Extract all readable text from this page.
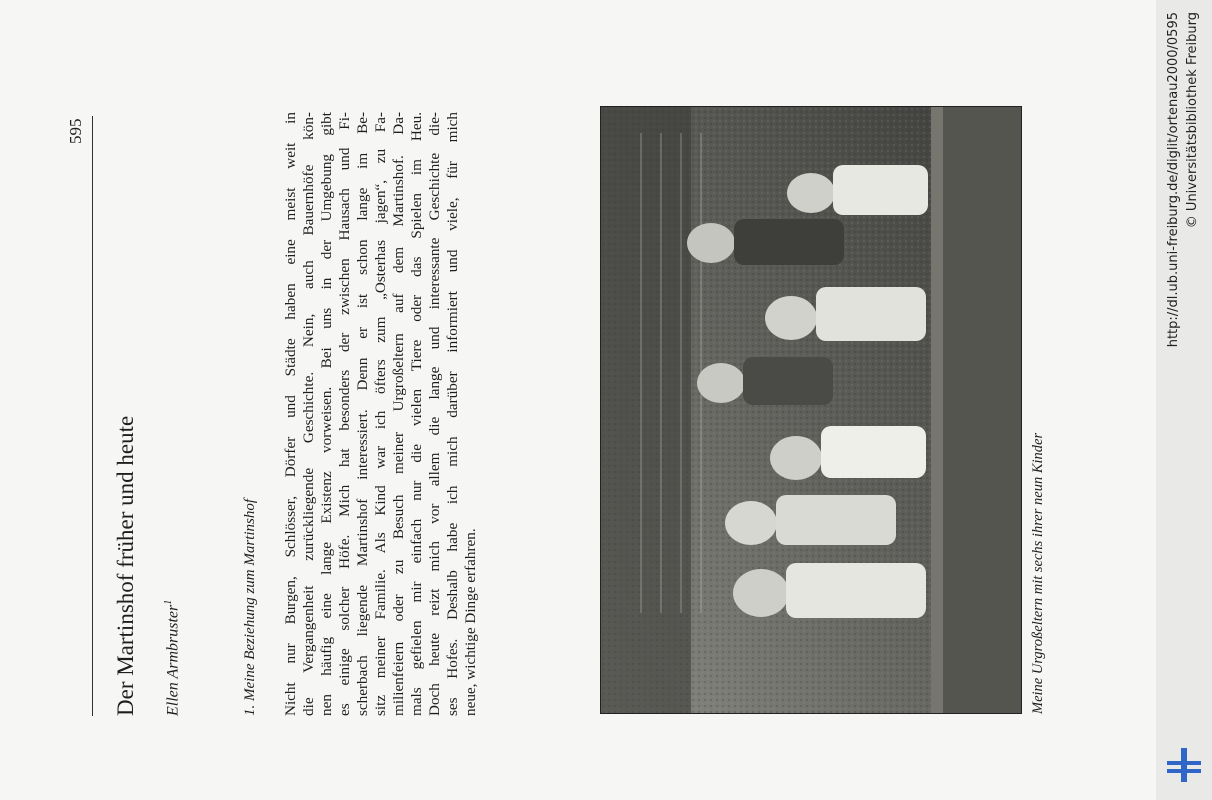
595
Der Martinshof früher und heute Ellen Armbruster$^1$	1. Meine Beziehung zum Martinshof Nicht nur Burgen, Schlösser, Dörfer und Städte haben eine meist weit in die Vergangenheit zurückliegende Geschichte. Nein, auch Bauernhöfe kön- nen häufig eine lange Existenz vorweisen. Bei uns in der Umgebung gibt es einige solcher Höfe. Mich hat besonders der zwischen Hausach und Fi- scherbach liegende Martinshof interessiert. Denn er ist schon lange im Be- sitz meiner Familie. Als Kind war ich öfters zum „Osterhas jagen“, zu Fa- milienfeiern oder zu Besuch meiner Urgroßeltern auf dem Martinshof. Da- mals gefielen mir einfach nur die vielen Tiere oder das Spielen im Heu. Doch heute reizt mich vor allem die lange und interessante Geschichte die- ses Hofes. Deshalb habe ich mich darüber informiert und viele, für mich neue, wichtige Dinge erfahren.	Meine Urgroßeltern mit sechs ihrer neun Kinder
http://dl.ub.uni-freiburg.de/diglit/ortenau2000/0595 © Universitätsbibliothek Freiburg
